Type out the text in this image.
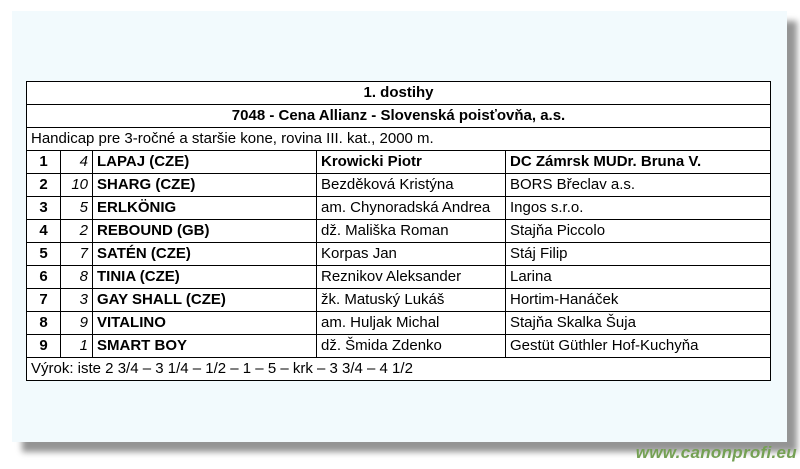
1. dostihy				
7048 - Cena Allianz - Slovenská poisťovňa, a.s.				
Handicap pre 3-ročné a staršie kone, rovina III. kat., 2000 m.				
1	4	LAPAJ (CZE)	Krowicki Piotr	DC Zámrsk MUDr. Bruna V.
2	10	SHARG (CZE)	Bezděková Kristýna	BORS Břeclav a.s.
3	5	ERLKÖNIG	am. Chynoradská Andrea	Ingos s.r.o.
4	2	REBOUND (GB)	dž. Mališka Roman	Stajňa Piccolo
5	7	SATÉN (CZE)	Korpas Jan	Stáj Filip
6	8	TINIA (CZE)	Reznikov Aleksander	Larina
7	3	GAY SHALL (CZE)	žk. Matuský Lukáš	Hortim-Hanáček
8	9	VITALINO	am. Huljak Michal	Stajňa Skalka Šuja
9	1	SMART BOY	dž. Šmida Zdenko	Gestüt Güthler Hof-Kuchyňa
Výrok: iste 2 3/4 – 3 1/4 – 1/2 – 1 – 5 – krk – 3 3/4 – 4 1/2				
www.canonprofi.eu
